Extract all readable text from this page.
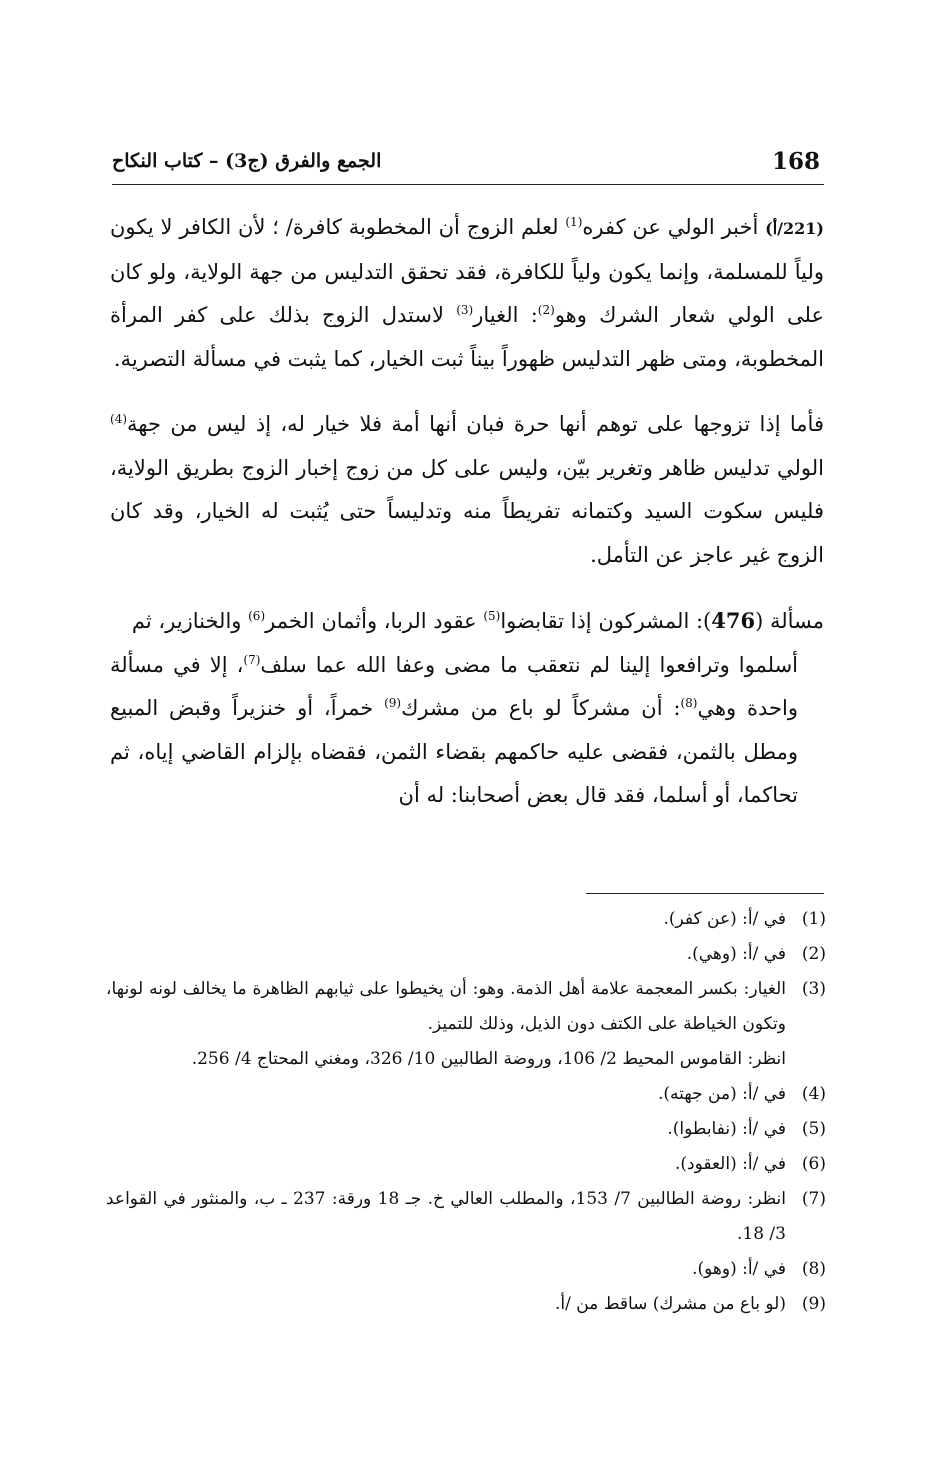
168
الجمع والفرق (ج3) – كتاب النكاح

(221/أ) أخبر الولي عن كفره$^{(1)}$ لعلم الزوج أن المخطوبة كافرة/ ؛ لأن الكافر لا يكون ولياً للمسلمة، وإنما يكون ولياً للكافرة، فقد تحقق التدليس من جهة الولاية، ولو كان على الولي شعار الشرك وهو$^{(2)}$: الغيار$^{(3)}$ لاستدل الزوج بذلك على كفر المرأة المخطوبة، ومتى ظهر التدليس ظهوراً بيناً ثبت الخيار، كما يثبت في مسألة التصرية.

فأما إذا تزوجها على توهم أنها حرة فبان أنها أمة فلا خيار له، إذ ليس من جهة$^{(4)}$ الولي تدليس ظاهر وتغرير بيّن، وليس على كل من زوج إخبار الزوج بطريق الولاية، فليس سكوت السيد وكتمانه تفريطاً منه وتدليساً حتى يُثبت له الخيار، وقد كان الزوج غير عاجز عن التأمل.

مسألة (476): المشركون إذا تقابضوا$^{(5)}$ عقود الربا، وأثمان الخمر$^{(6)}$ والخنازير، ثم
أسلموا وترافعوا إلينا لم نتعقب ما مضى وعفا الله عما سلف$^{(7)}$، إلا في مسألة واحدة وهي$^{(8)}$: أن مشركاً لو باع من مشرك$^{(9)}$ خمراً، أو خنزيراً وقبض المبيع ومطل بالثمن، فقضى عليه حاكمهم بقضاء الثمن، فقضاه بإلزام القاضي إياه، ثم تحاكما، أو أسلما، فقد قال بعض أصحابنا: له أن

(1)
في /أ: (عن كفر).
(2)
في /أ: (وهي).
(3)
الغيار: بكسر المعجمة علامة أهل الذمة. وهو: أن يخيطوا على ثيابهم الظاهرة ما يخالف لونه لونها، وتكون الخياطة على الكتف دون الذيل، وذلك للتميز.
انظر: القاموس المحيط 2/ 106، وروضة الطالبين 10/ 326، ومغني المحتاج 4/ 256.
(4)
في /أ: (من جهته).
(5)
في /أ: (نفابطوا).
(6)
في /أ: (العقود).
(7)
انظر: روضة الطالبين 7/ 153، والمطلب العالي خ. جـ 18 ورقة: 237 ـ ب، والمنثور في القواعد 3/ 18.
(8)
في /أ: (وهو).
(9)
(لو باع من مشرك) ساقط من /أ.
